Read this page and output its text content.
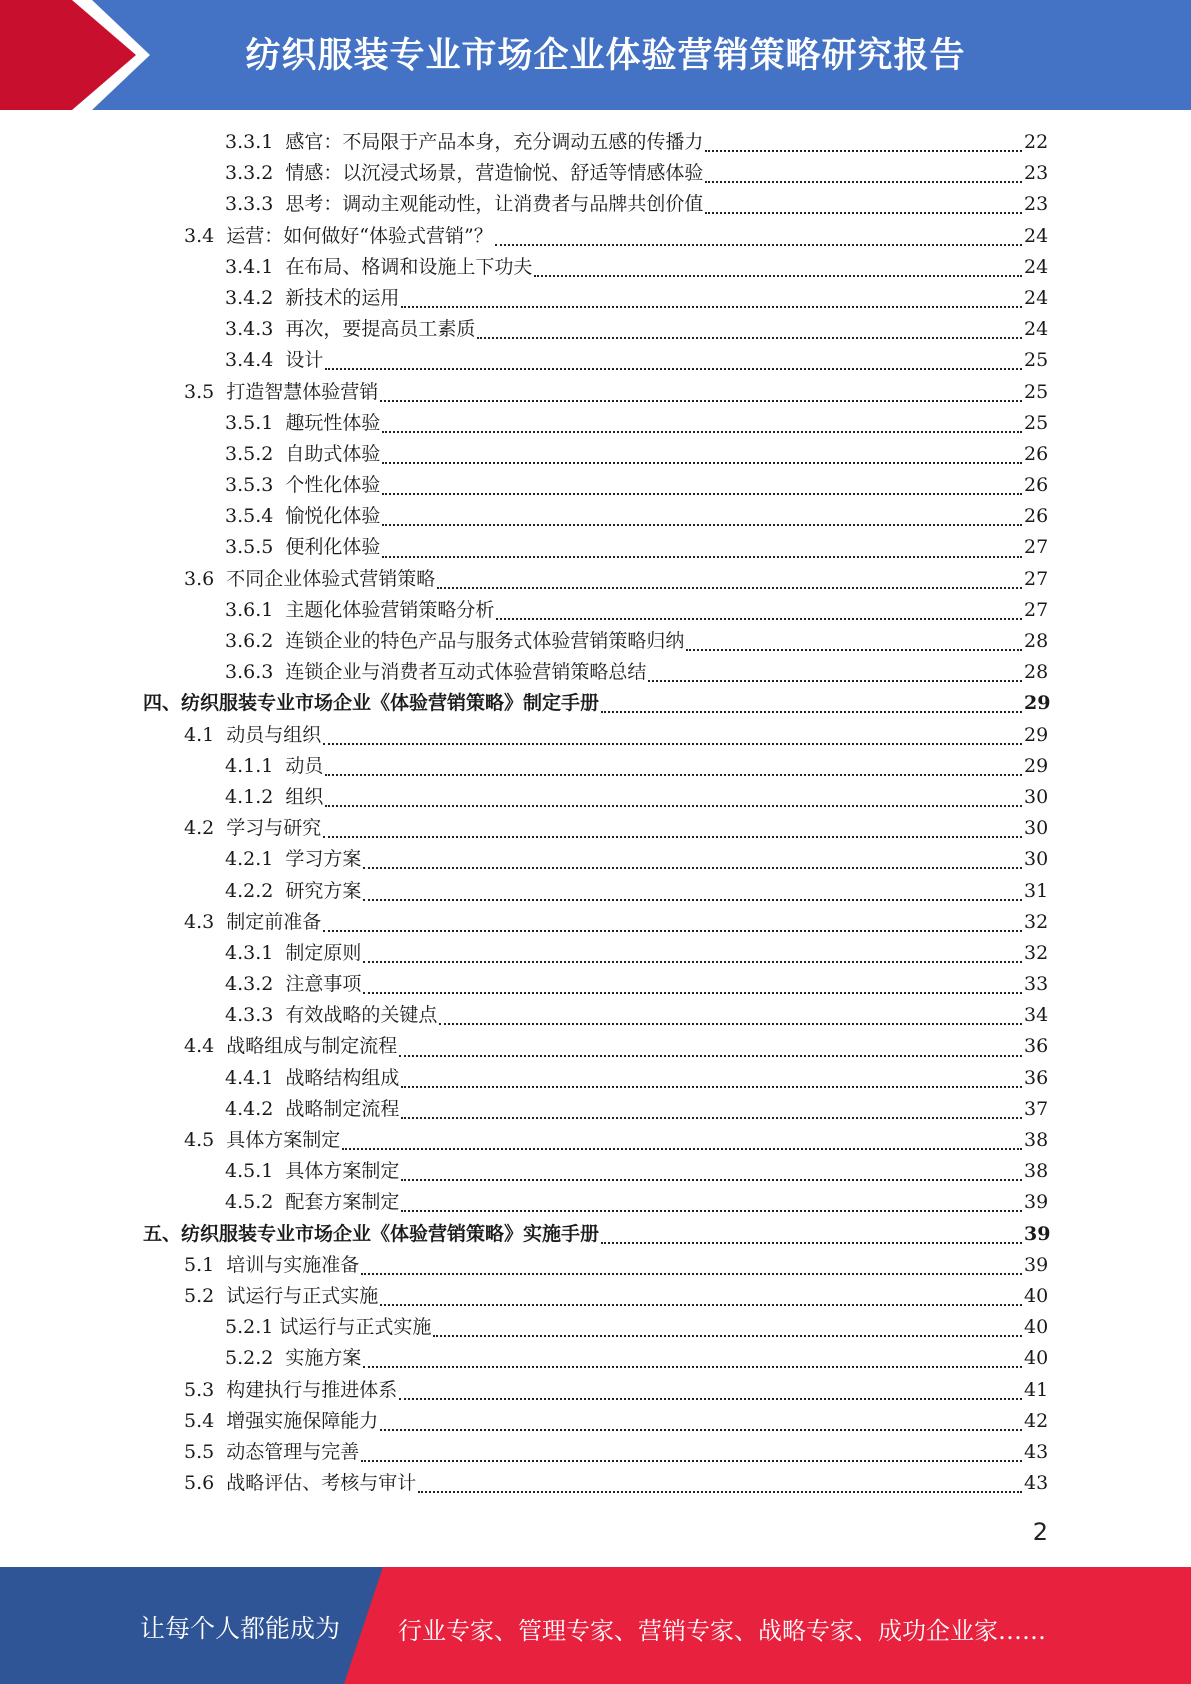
纺织服装专业市场企业体验营销策略研究报告
3.3.1  感官：不局限于产品本身，充分调动五感的传播力	22
3.3.2  情感：以沉浸式场景，营造愉悦、舒适等情感体验	23
3.3.3  思考：调动主观能动性，让消费者与品牌共创价值	23
3.4  运营：如何做好“体验式营销”？	24
3.4.1  在布局、格调和设施上下功夫	24
3.4.2  新技术的运用	24
3.4.3  再次，要提高员工素质	24
3.4.4  设计	25
3.5  打造智慧体验营销	25
3.5.1  趣玩性体验	25
3.5.2  自助式体验	26
3.5.3  个性化体验	26
3.5.4  愉悦化体验	26
3.5.5  便利化体验	27
3.6  不同企业体验式营销策略	27
3.6.1  主题化体验营销策略分析	27
3.6.2  连锁企业的特色产品与服务式体验营销策略归纳	28
3.6.3  连锁企业与消费者互动式体验营销策略总结	28
四、纺织服装专业市场企业《体验营销策略》制定手册	29
4.1  动员与组织	29
4.1.1  动员	29
4.1.2  组织	30
4.2  学习与研究	30
4.2.1  学习方案	30
4.2.2  研究方案	31
4.3  制定前准备	32
4.3.1  制定原则	32
4.3.2  注意事项	33
4.3.3  有效战略的关键点	34
4.4  战略组成与制定流程	36
4.4.1  战略结构组成	36
4.4.2  战略制定流程	37
4.5  具体方案制定	38
4.5.1  具体方案制定	38
4.5.2  配套方案制定	39
五、纺织服装专业市场企业《体验营销策略》实施手册	39
5.1  培训与实施准备	39
5.2  试运行与正式实施	40
5.2.1 试运行与正式实施	40
5.2.2  实施方案	40
5.3  构建执行与推进体系	41
5.4  增强实施保障能力	42
5.5  动态管理与完善	43
5.6  战略评估、考核与审计	43
2
让每个人都能成为 行业专家、管理专家、营销专家、战略专家、成功企业家……
